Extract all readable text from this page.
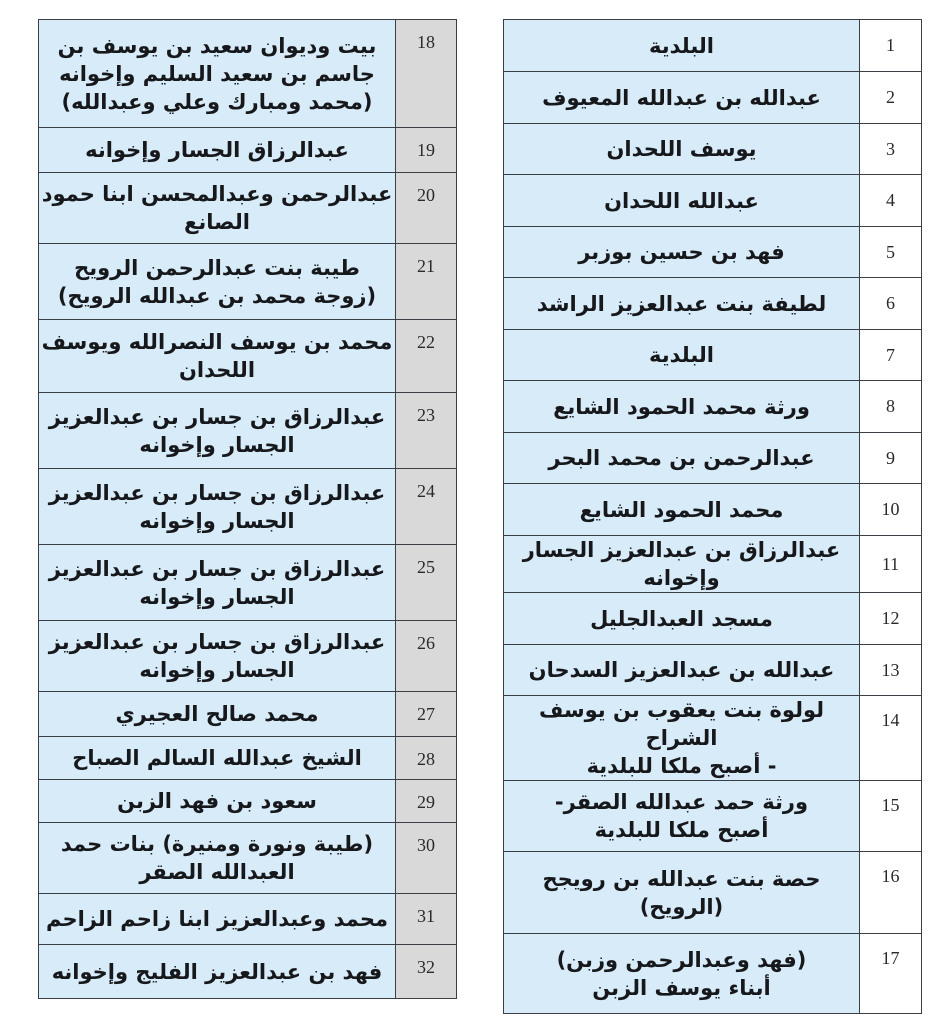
البلدية	1

عبدالله بن عبدالله المعيوف	2

يوسف اللحدان	3

عبدالله اللحدان	4

فهد بن حسين بوزبر	5

لطيفة بنت عبدالعزيز الراشد	6

البلدية	7

ورثة محمد الحمود الشايع	8

عبدالرحمن بن محمد البحر	9

محمد الحمود الشايع	10

عبدالرزاق بن عبدالعزيز الجسار وإخوانه	11

مسجد العبدالجليل	12

عبدالله بن عبدالعزيز السدحان	13

لولوة بنت يعقوب بن يوسف الشراح
- أصبح ملكا للبلدية	14

ورثة حمد عبدالله الصقر-
أصبح ملكا للبلدية	15

حصة بنت عبدالله بن رويجح
(الرويح)	16

(فهد وعبدالرحمن وزبن)
أبناء يوسف الزبن	17
بيت وديوان سعيد بن يوسف بن
جاسم بن سعيد السليم وإخوانه
(محمد ومبارك وعلي وعبدالله)	18

عبدالرزاق الجسار وإخوانه	19

عبدالرحمن وعبدالمحسن ابنا حمود
الصانع	20

طيبة بنت عبدالرحمن الرويح
(زوجة محمد بن عبدالله الرويح)	21

محمد بن يوسف النصرالله ويوسف
اللحدان	22

عبدالرزاق بن جسار بن عبدالعزيز
الجسار وإخوانه	23

عبدالرزاق بن جسار بن عبدالعزيز
الجسار وإخوانه	24

عبدالرزاق بن جسار بن عبدالعزيز
الجسار وإخوانه	25

عبدالرزاق بن جسار بن عبدالعزيز
الجسار وإخوانه	26

محمد صالح العجيري	27

الشيخ عبدالله السالم الصباح	28

سعود بن فهد الزبن	29

(طيبة ونورة ومنيرة) بنات حمد
العبدالله الصقر	30

محمد وعبدالعزيز ابنا زاحم الزاحم	31

فهد بن عبدالعزيز الفليج وإخوانه	32
